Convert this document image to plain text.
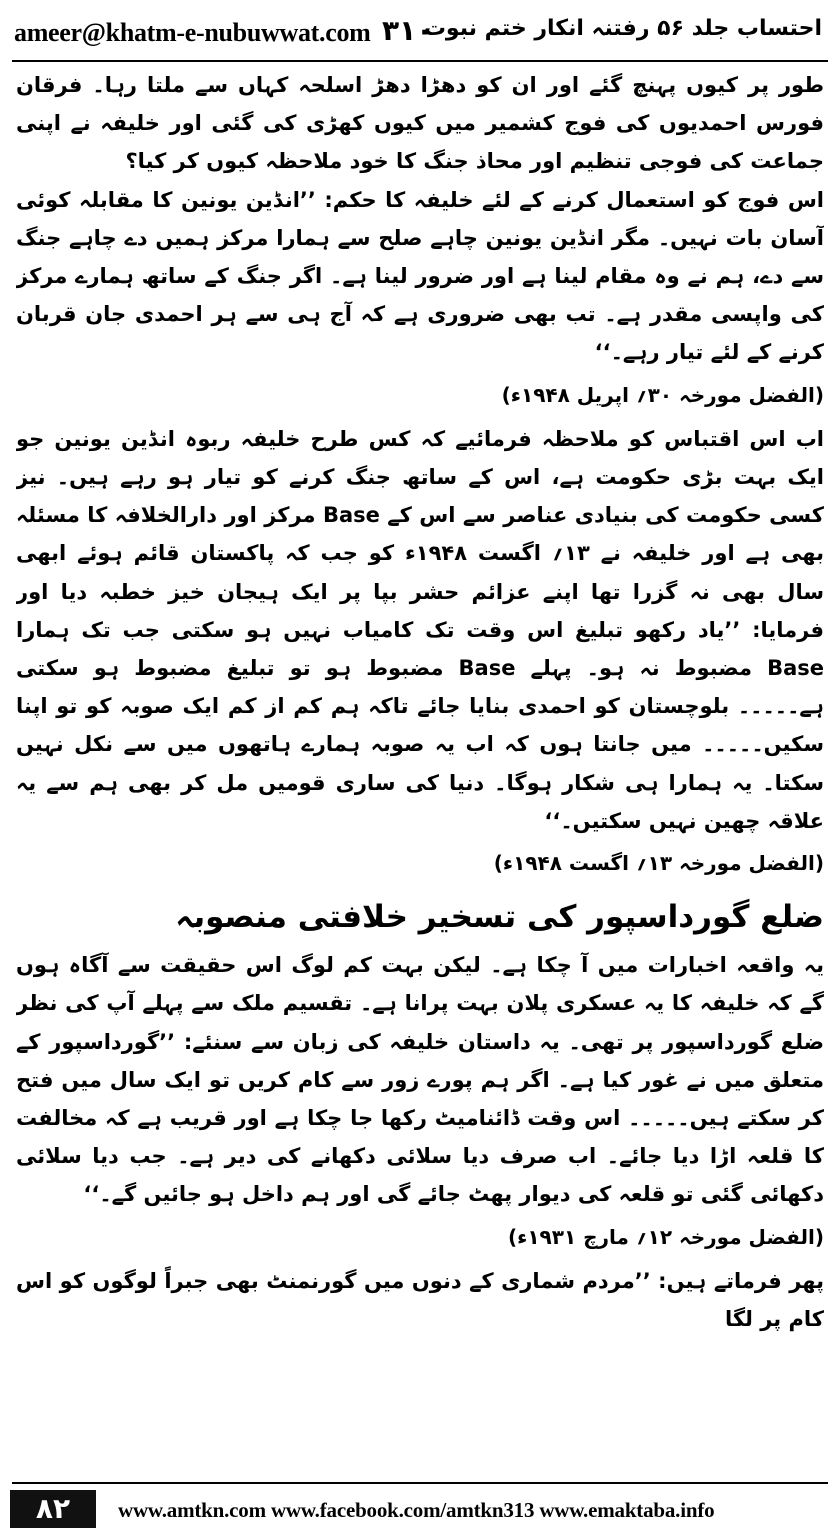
ameer@khatm-e-nubuwwat.com ۳۱۰
احتساب جلد ۵۶ رفتنہ انکار ختم نبوت

طور پر کیوں پہنچ گئے اور ان کو دھڑا دھڑ اسلحہ کہاں سے ملتا رہا۔ فرقان فورس احمدیوں کی فوج کشمیر میں کیوں کھڑی کی گئی اور خلیفہ نے اپنی جماعت کی فوجی تنظیم اور محاذ جنگ کا خود ملاحظہ کیوں کر کیا؟

اس فوج کو استعمال کرنے کے لئے خلیفہ کا حکم: ’’انڈین یونین کا مقابلہ کوئی آسان بات نہیں۔ مگر انڈین یونین چاہے صلح سے ہمارا مرکز ہمیں دے چاہے جنگ سے دے، ہم نے وہ مقام لینا ہے اور ضرور لینا ہے۔ اگر جنگ کے ساتھ ہمارے مرکز کی واپسی مقدر ہے۔ تب بھی ضروری ہے کہ آج ہی سے ہر احمدی جان قربان کرنے کے لئے تیار رہے۔‘‘

(الفضل مورخہ ۳۰؍ اپریل ۱۹۴۸ء)

اب اس اقتباس کو ملاحظہ فرمائیے کہ کس طرح خلیفہ ربوہ انڈین یونین جو ایک بہت بڑی حکومت ہے، اس کے ساتھ جنگ کرنے کو تیار ہو رہے ہیں۔ نیز کسی حکومت کی بنیادی عناصر سے اس کے Base مرکز اور دارالخلافہ کا مسئلہ بھی ہے اور خلیفہ نے ۱۳؍ اگست ۱۹۴۸ء کو جب کہ پاکستان قائم ہوئے ابھی سال بھی نہ گزرا تھا اپنے عزائم حشر بپا پر ایک ہیجان خیز خطبہ دیا اور فرمایا: ’’یاد رکھو تبلیغ اس وقت تک کامیاب نہیں ہو سکتی جب تک ہمارا Base مضبوط نہ ہو۔ پہلے Base مضبوط ہو تو تبلیغ مضبوط ہو سکتی ہے۔۔۔۔۔ بلوچستان کو احمدی بنایا جائے تاکہ ہم کم از کم ایک صوبہ کو تو اپنا سکیں۔۔۔۔۔ میں جانتا ہوں کہ اب یہ صوبہ ہمارے ہاتھوں میں سے نکل نہیں سکتا۔ یہ ہمارا ہی شکار ہوگا۔ دنیا کی ساری قومیں مل کر بھی ہم سے یہ علاقہ چھین نہیں سکتیں۔‘‘

(الفضل مورخہ ۱۳؍ اگست ۱۹۴۸ء)

ضلع گورداسپور کی تسخیر خلافتی منصوبہ

یہ واقعہ اخبارات میں آ چکا ہے۔ لیکن بہت کم لوگ اس حقیقت سے آگاہ ہوں گے کہ خلیفہ کا یہ عسکری پلان بہت پرانا ہے۔ تقسیم ملک سے پہلے آپ کی نظر ضلع گورداسپور پر تھی۔ یہ داستان خلیفہ کی زبان سے سنئے: ’’گورداسپور کے متعلق میں نے غور کیا ہے۔ اگر ہم پورے زور سے کام کریں تو ایک سال میں فتح کر سکتے ہیں۔۔۔۔۔ اس وقت ڈائنامیٹ رکھا جا چکا ہے اور قریب ہے کہ مخالفت کا قلعہ اڑا دیا جائے۔ اب صرف دیا سلائی دکھانے کی دیر ہے۔ جب دیا سلائی دکھائی گئی تو قلعہ کی دیوار پھٹ جائے گی اور ہم داخل ہو جائیں گے۔‘‘

(الفضل مورخہ ۱۲؍ مارچ ۱۹۳۱ء)

پھر فرماتے ہیں: ’’مردم شماری کے دنوں میں گورنمنٹ بھی جبراً لوگوں کو اس کام پر لگا

www.amtkn.com www.facebook.com/amtkn313 www.emaktaba.info
۸۲
